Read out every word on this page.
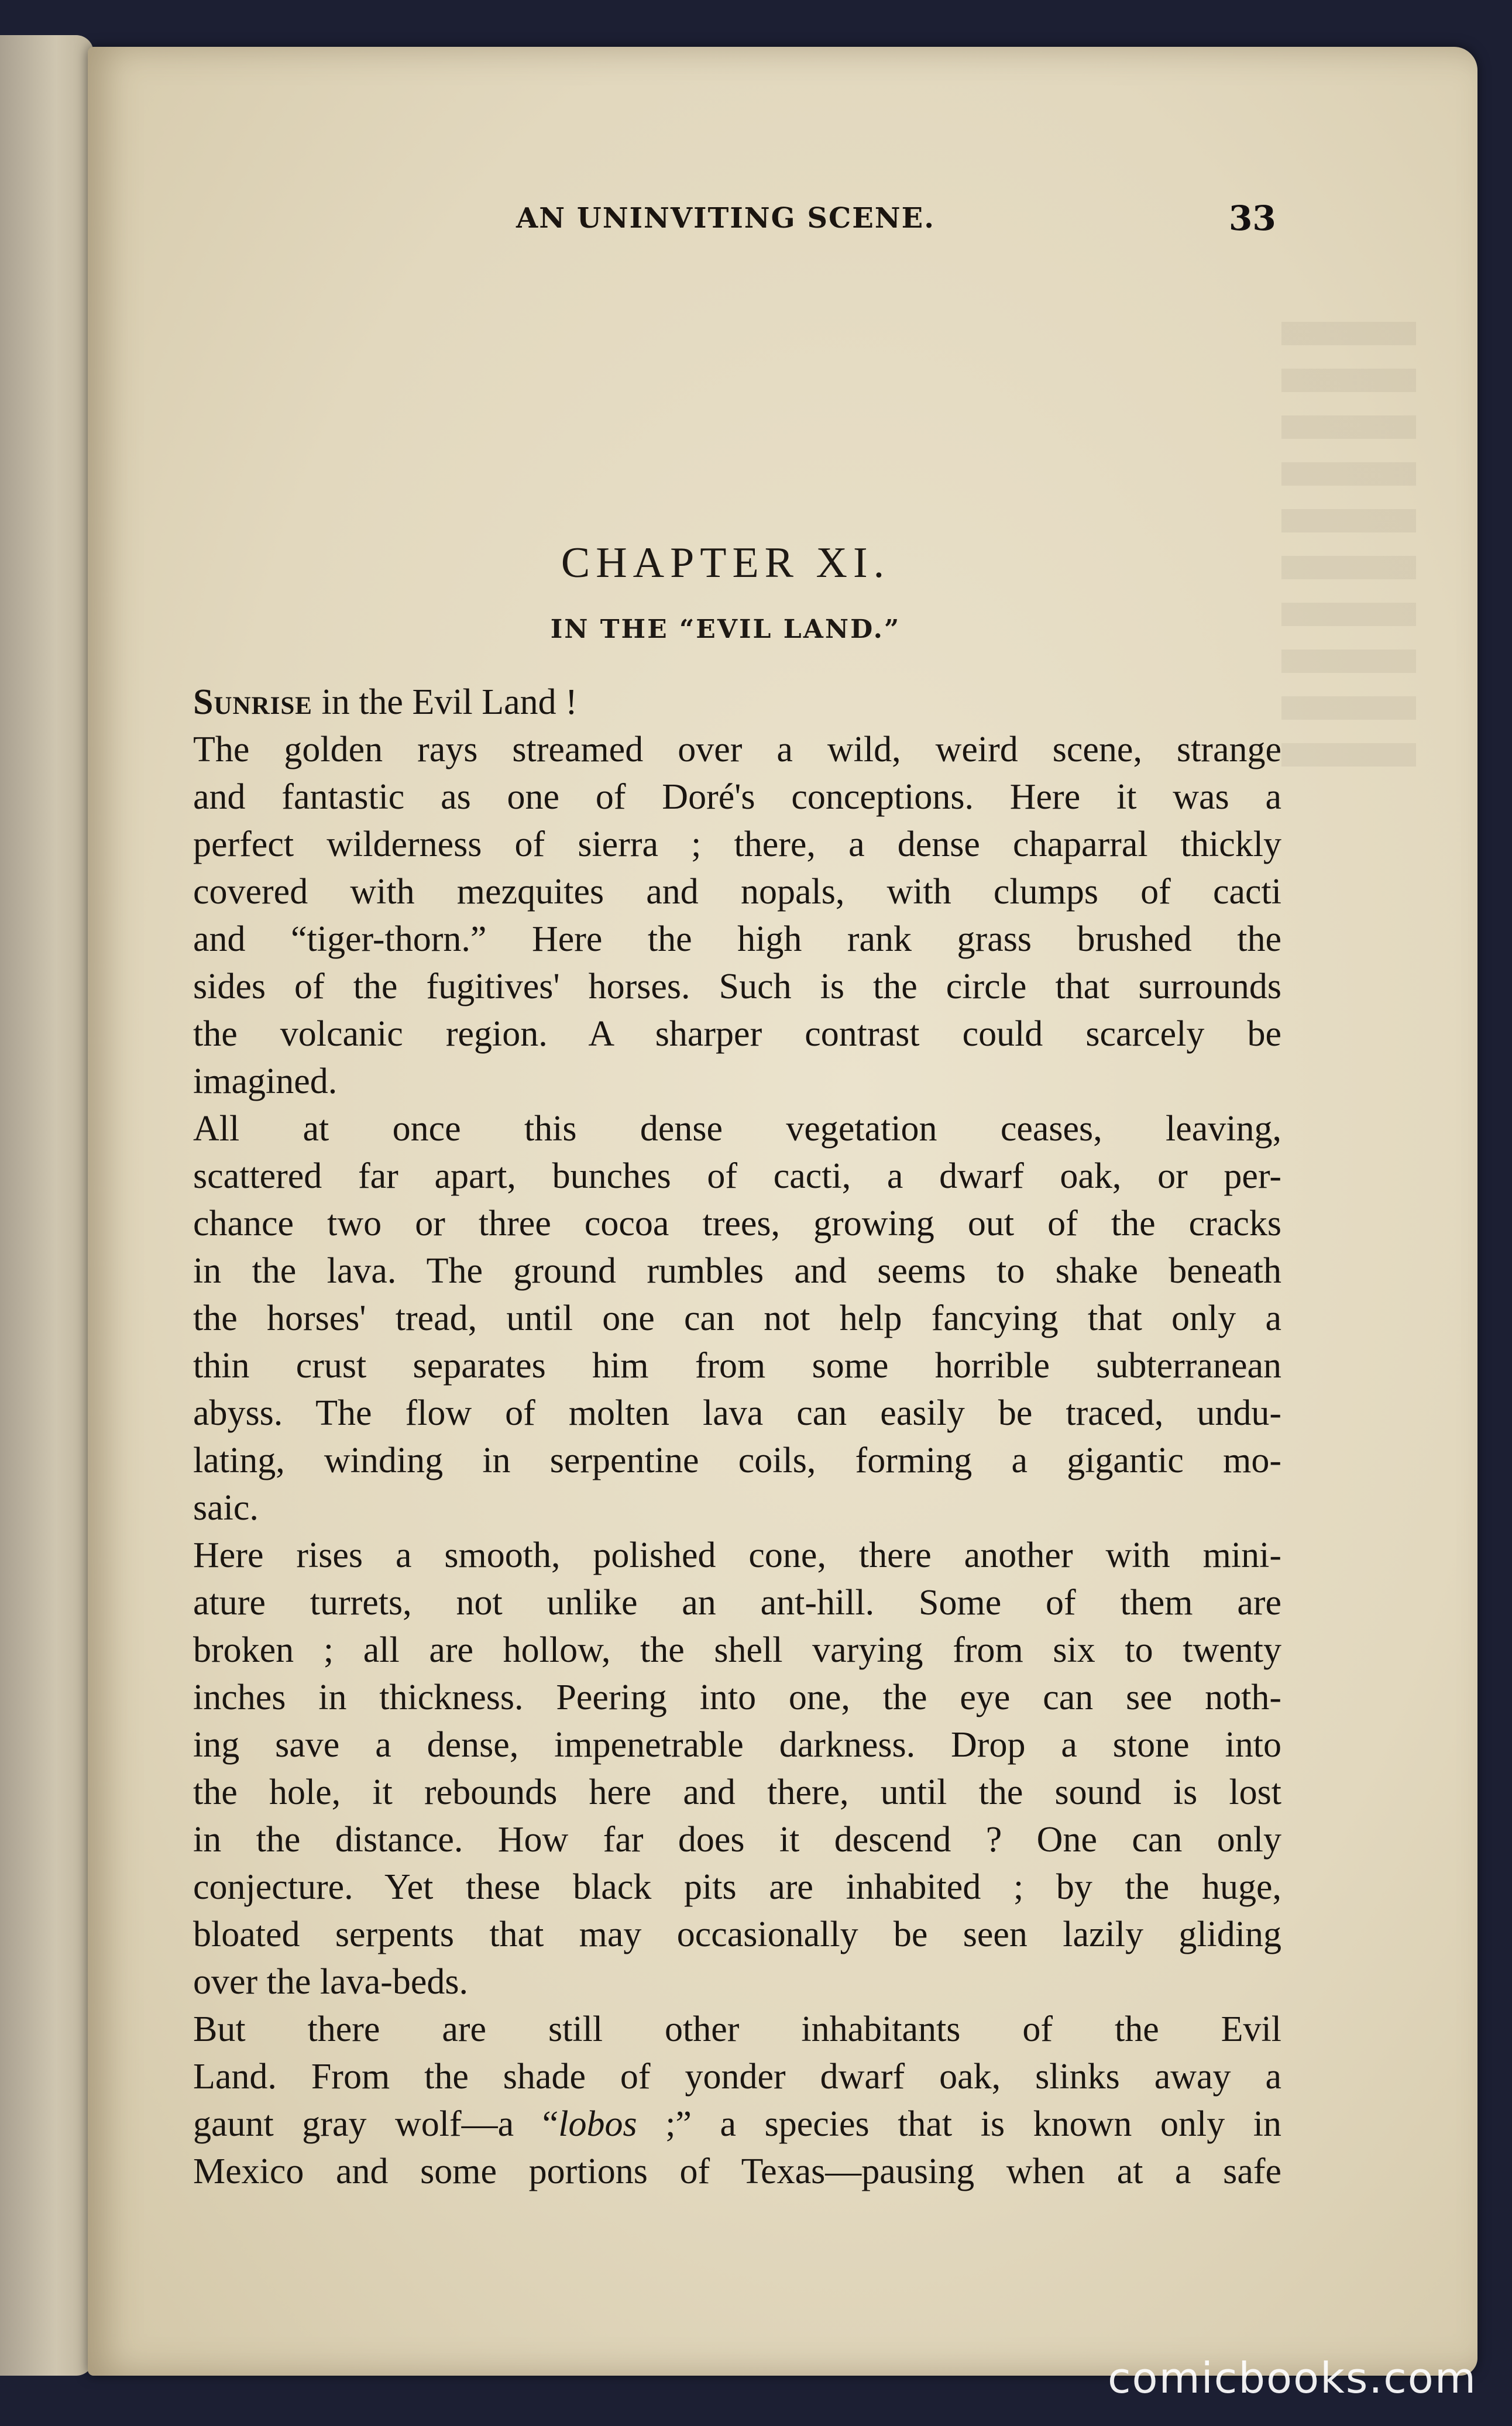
AN UNINVITING SCENE.	33
CHAPTER XI.
IN THE “EVIL LAND.”
Sunrise in the Evil Land !
The golden rays streamed over a wild, weird scene, strange
and fantastic as one of Doré's conceptions. Here it was a
perfect wilderness of sierra ; there, a dense chaparral thickly
covered with mezquites and nopals, with clumps of cacti
and “tiger-thorn.” Here the high rank grass brushed the
sides of the fugitives' horses. Such is the circle that surrounds
the volcanic region. A sharper contrast could scarcely be
imagined.
All at once this dense vegetation ceases, leaving,
scattered far apart, bunches of cacti, a dwarf oak, or per-
chance two or three cocoa trees, growing out of the cracks
in the lava. The ground rumbles and seems to shake beneath
the horses' tread, until one can not help fancying that only a
thin crust separates him from some horrible subterranean
abyss. The flow of molten lava can easily be traced, undu-
lating, winding in serpentine coils, forming a gigantic mo-
saic.
Here rises a smooth, polished cone, there another with mini-
ature turrets, not unlike an ant-hill. Some of them are
broken ; all are hollow, the shell varying from six to twenty
inches in thickness. Peering into one, the eye can see noth-
ing save a dense, impenetrable darkness. Drop a stone into
the hole, it rebounds here and there, until the sound is lost
in the distance. How far does it descend ? One can only
conjecture. Yet these black pits are inhabited ; by the huge,
bloated serpents that may occasionally be seen lazily gliding
over the lava-beds.
But there are still other inhabitants of the Evil
Land. From the shade of yonder dwarf oak, slinks away a
gaunt gray wolf—a “lobos ;” a species that is known only in
Mexico and some portions of Texas—pausing when at a safe
comicbooks.com
